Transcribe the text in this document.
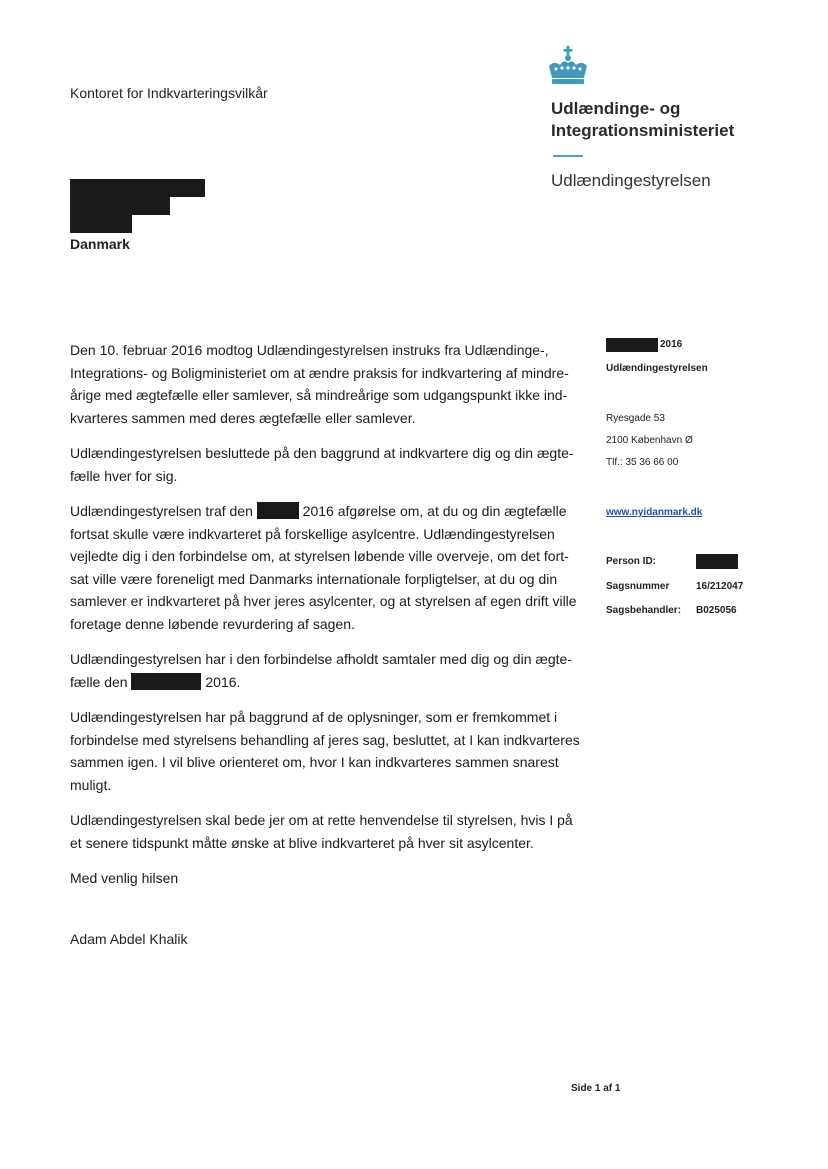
Kontoret for Indkvarteringsvilkår
Udlændinge- og
Integrationsministeriet
Udlændingestyrelsen
Danmark
2016
Udlændingestyrelsen
Ryesgade 53
2100 København Ø
Tlf.: 35 36 66 00
www.nyidanmark.dk
Person ID:
Sagsnummer	16/212047
Sagsbehandler: B025056
Den 10. februar 2016 modtog Udlændingestyrelsen instruks fra Udlændinge-,
Integrations- og Boligministeriet om at ændre praksis for indkvartering af mindre-
årige med ægtefælle eller samlever, så mindreårige som udgangspunkt ikke ind-
kvarteres sammen med deres ægtefælle eller samlever.
Udlændingestyrelsen besluttede på den baggrund at indkvartere dig og din ægte-
fælle hver for sig.
Udlændingestyrelsen traf den	2016 afgørelse om, at du og din ægtefælle
fortsat skulle være indkvarteret på forskellige asylcentre. Udlændingestyrelsen
vejledte dig i den forbindelse om, at styrelsen løbende ville overveje, om det fort-
sat ville være foreneligt med Danmarks internationale forpligtelser, at du og din
samlever er indkvarteret på hver jeres asylcenter, og at styrelsen af egen drift ville
foretage denne løbende revurdering af sagen.
Udlændingestyrelsen har i den forbindelse afholdt samtaler med dig og din ægte-
fælle den	2016.
Udlændingestyrelsen har på baggrund af de oplysninger, som er fremkommet i
forbindelse med styrelsens behandling af jeres sag, besluttet, at I kan indkvarteres
sammen igen. I vil blive orienteret om, hvor I kan indkvarteres sammen snarest
muligt.
Udlændingestyrelsen skal bede jer om at rette henvendelse til styrelsen, hvis I på
et senere tidspunkt måtte ønske at blive indkvarteret på hver sit asylcenter.
Med venlig hilsen
Adam Abdel Khalik
Side 1 af 1
